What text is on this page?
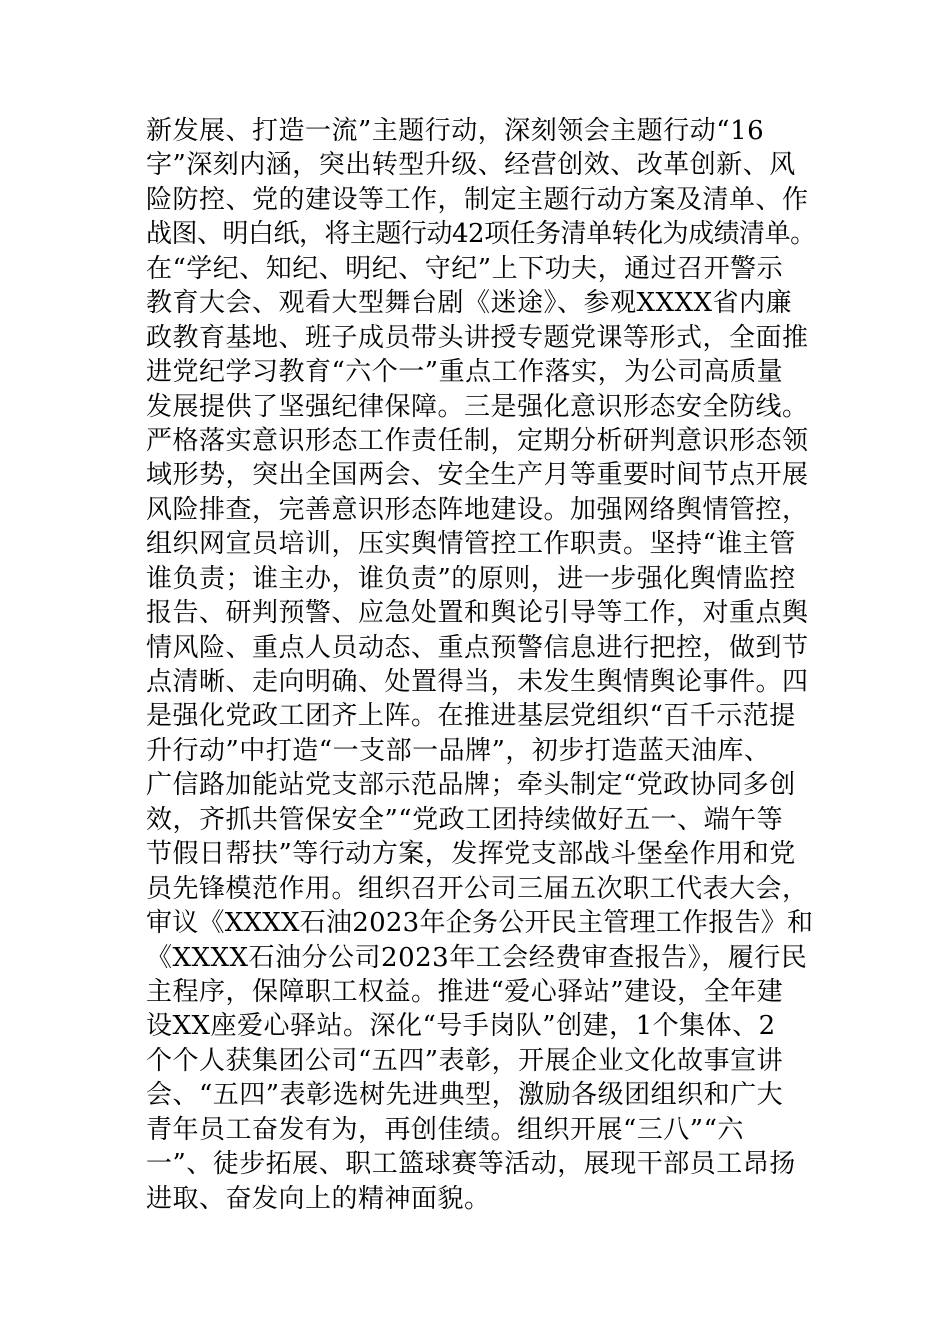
新发展、打造一流”主题行动，深刻领会主题行动“16
字”深刻内涵，突出转型升级、经营创效、改革创新、风
险防控、党的建设等工作，制定主题行动方案及清单、作
战图、明白纸，将主题行动42项任务清单转化为成绩清单。
在“学纪、知纪、明纪、守纪”上下功夫，通过召开警示
教育大会、观看大型舞台剧《迷途》、参观XXXX省内廉
政教育基地、班子成员带头讲授专题党课等形式，全面推
进党纪学习教育“六个一”重点工作落实，为公司高质量
发展提供了坚强纪律保障。三是强化意识形态安全防线。
严格落实意识形态工作责任制，定期分析研判意识形态领
域形势，突出全国两会、安全生产月等重要时间节点开展
风险排查，完善意识形态阵地建设。加强网络舆情管控，
组织网宣员培训，压实舆情管控工作职责。坚持“谁主管
谁负责；谁主办，谁负责”的原则，进一步强化舆情监控
报告、研判预警、应急处置和舆论引导等工作，对重点舆
情风险、重点人员动态、重点预警信息进行把控，做到节
点清晰、走向明确、处置得当，未发生舆情舆论事件。四
是强化党政工团齐上阵。在推进基层党组织“百千示范提
升行动”中打造“一支部一品牌”，初步打造蓝天油库、
广信路加能站党支部示范品牌；牵头制定“党政协同多创
效，齐抓共管保安全”“党政工团持续做好五一、端午等
节假日帮扶”等行动方案，发挥党支部战斗堡垒作用和党
员先锋模范作用。组织召开公司三届五次职工代表大会，
审议《XXXX石油2023年企务公开民主管理工作报告》和
《XXXX石油分公司2023年工会经费审查报告》，履行民
主程序，保障职工权益。推进“爱心驿站”建设，全年建
设XX座爱心驿站。深化“号手岗队”创建，1个集体、2
个个人获集团公司“五四”表彰，开展企业文化故事宣讲
会、“五四”表彰选树先进典型，激励各级团组织和广大
青年员工奋发有为，再创佳绩。组织开展“三八”“六
一”、徒步拓展、职工篮球赛等活动，展现干部员工昂扬
进取、奋发向上的精神面貌。
